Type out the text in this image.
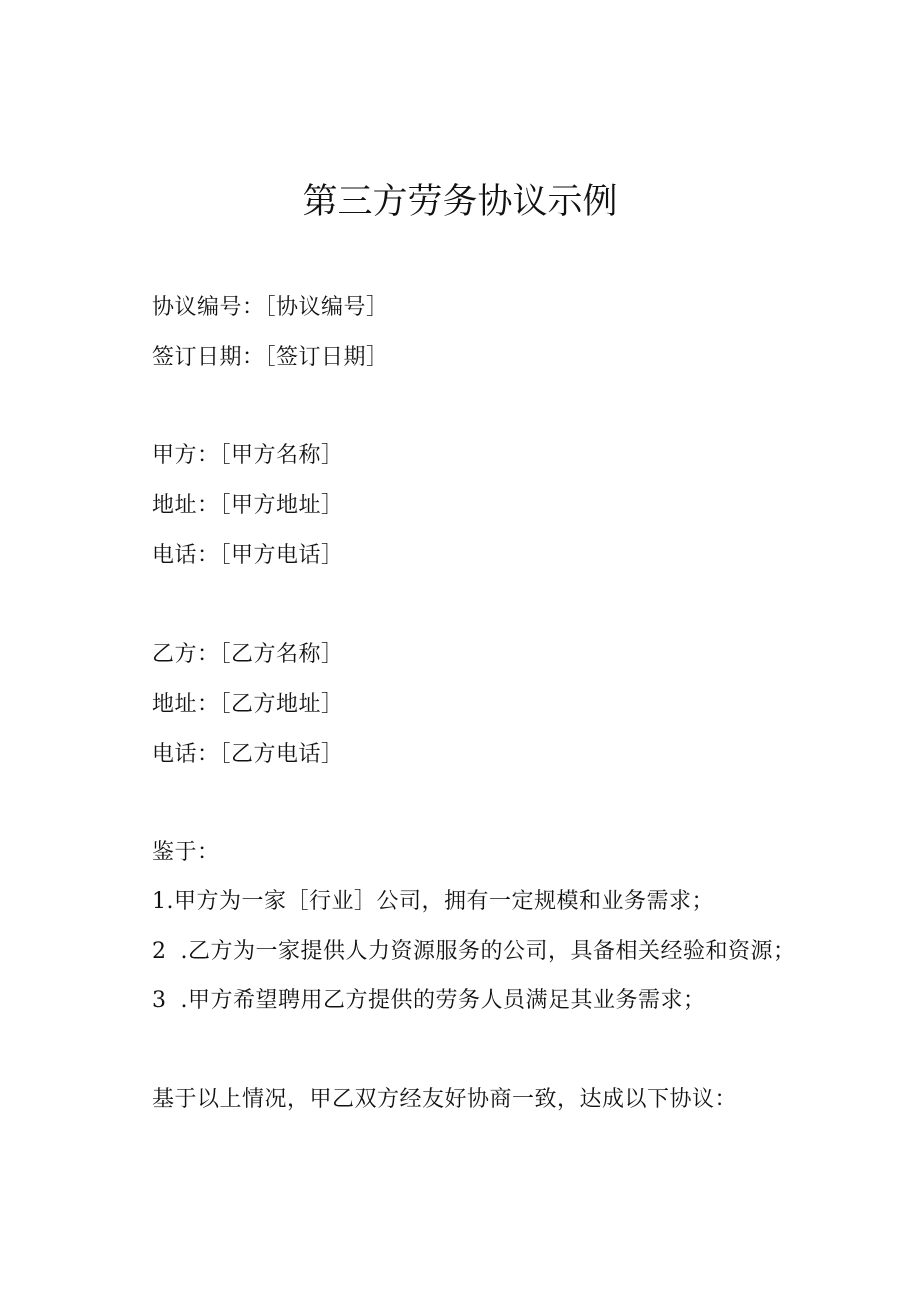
第三方劳务协议示例
协议编号：［协议编号］
签订日期：［签订日期］
甲方：［甲方名称］
地址：［甲方地址］
电话：［甲方电话］
乙方：［乙方名称］
地址：［乙方地址］
电话：［乙方电话］
鉴于：
1.甲方为一家［行业］公司，拥有一定规模和业务需求；
2 .乙方为一家提供人力资源服务的公司，具备相关经验和资源；
3 .甲方希望聘用乙方提供的劳务人员满足其业务需求；
基于以上情况，甲乙双方经友好协商一致，达成以下协议：
